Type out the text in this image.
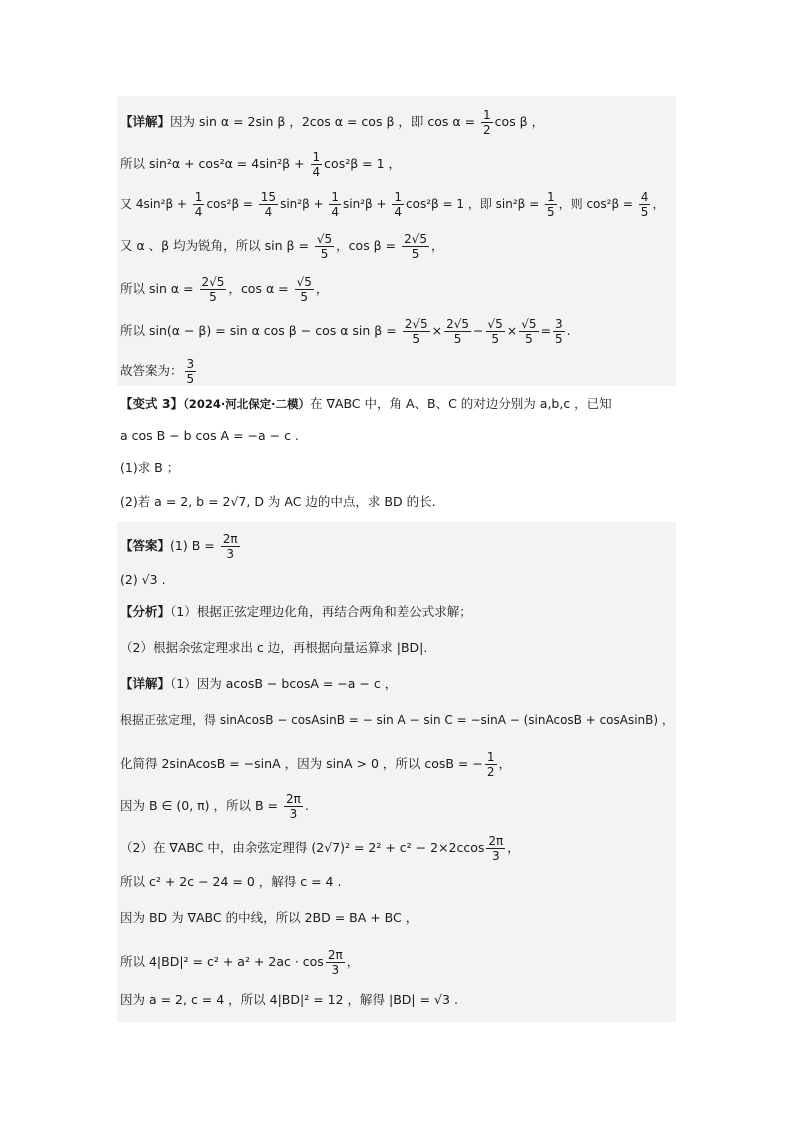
【详解】因为 sin α = 2sin β ，2cos α = cos β ，即 $\cos \alpha = \frac{1}{2}$ cos β ，
所以 $\sin^2\alpha + \cos^2\alpha = 4\sin^2\beta + \frac{1}{4} \cos^2\beta = 1$ ，
又 $4\sin^2\beta + \frac{1}{4} \cos^2\beta = \frac{15}{4} \sin^2\beta + \frac{1}{4} \sin^2\beta + \frac{1}{4} \cos^2\beta = 1$ ，即 $\sin^2\beta = \frac{1}{5}$ ，则 $\cos^2\beta = \frac{4}{5}$ ，
又 α 、β 均为锐角，所以 $\sin \beta = \frac{√5}{5}$ ，$\cos \beta = \frac{2√5}{5}$ ，
所以 $\sin \alpha = \frac{2√5}{5}$ ，$\cos \alpha = \frac{√5}{5}$ ，
所以 sin(α − β) = sin α cos β − cos α $\sin \beta = \frac{2√5}{5} \times \frac{2√5}{5} - \frac{√5}{5} \times \frac{√5}{5} = \frac{3}{5}$ .
故答案为： $\frac{3}{5}$
【变式 3】（2024·河北保定·二模）在 ∇ABC 中，角 A、B、C 的对边分别为 a,b,c ，已知
a cos B − b cos A = −a − c .
(1)求 B ；
(2)若 a = 2, b = 2√7, D 为 AC 边的中点，求 BD 的长.
【答案】(1) $B = \frac{2\pi}{3}$
(2) √3 .
【分析】（1）根据正弦定理边化角，再结合两角和差公式求解；
（2）根据余弦定理求出 c 边，再根据向量运算求 |BD|.
【详解】（1）因为 acosB − bcosA = −a − c ，
根据正弦定理，得 sinAcosB − cosAsinB = − sin A − sin C = −sinA − (sinAcosB + cosAsinB) ，
化简得 2sinAcosB = −sinA ，因为 sinA > 0 ，所以 cosB = − $\frac{1}{2}$ ，
因为 B ∈ (0, π) ，所以 $B = \frac{2\pi}{3}$ .
（2）在 ∇ABC 中，由余弦定理得 $(2√7)^2 = 2^2 + c^2 - 2\times 2ccos \frac{2\pi}{3}$ ，
所以 c² + 2c − 24 = 0 ，解得 c = 4 .
因为 BD 为 ∇ABC 的中线，所以 2BD = BA + BC ，
所以 $4|BD|^2 = c^2 + a^2 + 2ac \cdot \cos \frac{2\pi}{3}$ ，
因为 a = 2, c = 4 ，所以 4|BD|² = 12 ，解得 |BD| = √3 .
